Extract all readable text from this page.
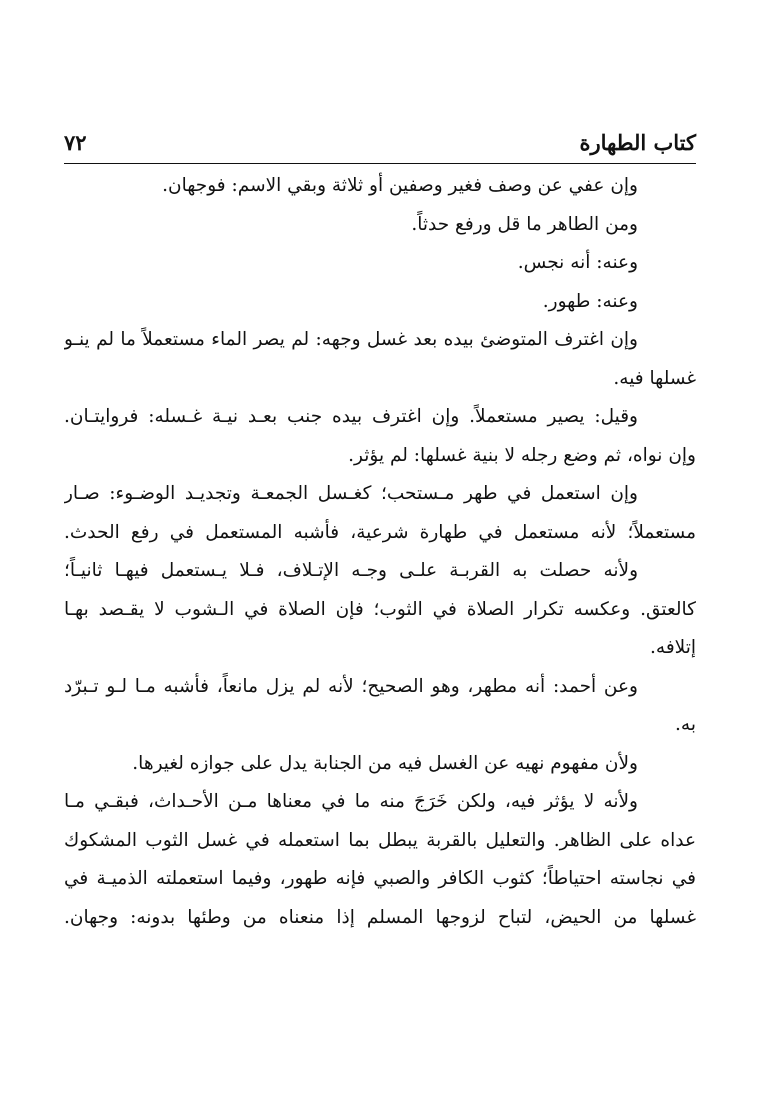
كتاب الطهارة
٧٢
وإن عفي عن وصف فغير وصفين أو ثلاثة وبقي الاسم: فوجهان.
ومن الطاهر ما قل ورفع حدثاً.
وعنه: أنه نجس.
وعنه: طهور.
وإن اغترف المتوضئ بيده بعد غسل وجهه: لم يصر الماء مستعملاً ما لم ينـو
غسلها فيه.
وقيل: يصير مستعملاً. وإن اغترف بيده جنب بعـد نيـة غـسله: فروايتـان.
وإن نواه، ثم وضع رجله لا بنية غسلها: لم يؤثر.
وإن استعمل في طهر مـستحب؛ كغـسل الجمعـة وتجديـد الوضـوء: صـار
مستعملاً؛ لأنه مستعمل في طهارة شرعية، فأشبه المستعمل في رفع الحدث.
ولأنه حصلت به القربـة علـى وجـه الإتـلاف، فـلا يـستعمل فيهـا ثانيـاً؛
كالعتق. وعكسه تكرار الصلاة في الثوب؛ فإن الصلاة في الـشوب لا يقـصد بهـا
إتلافه.
وعن أحمد: أنه مطهر، وهو الصحيح؛ لأنه لم يزل مانعاً، فأشبه مـا لـو تـبرّد
به.
ولأن مفهوم نهيه عن الغسل فيه من الجنابة يدل على جوازه لغيرها.
ولأنه لا يؤثر فيه، ولكن خَرَجَ منه ما في معناها مـن الأحـداث، فبقـي مـا
عداه على الظاهر. والتعليل بالقربة يبطل بما استعمله في غسل الثوب المشكوك
في نجاسته احتياطاً؛ كثوب الكافر والصبي فإنه طهور، وفيما استعملته الذميـة في
غسلها من الحيض، لتباح لزوجها المسلم إذا منعناه من وطئها بدونه: وجهان.
